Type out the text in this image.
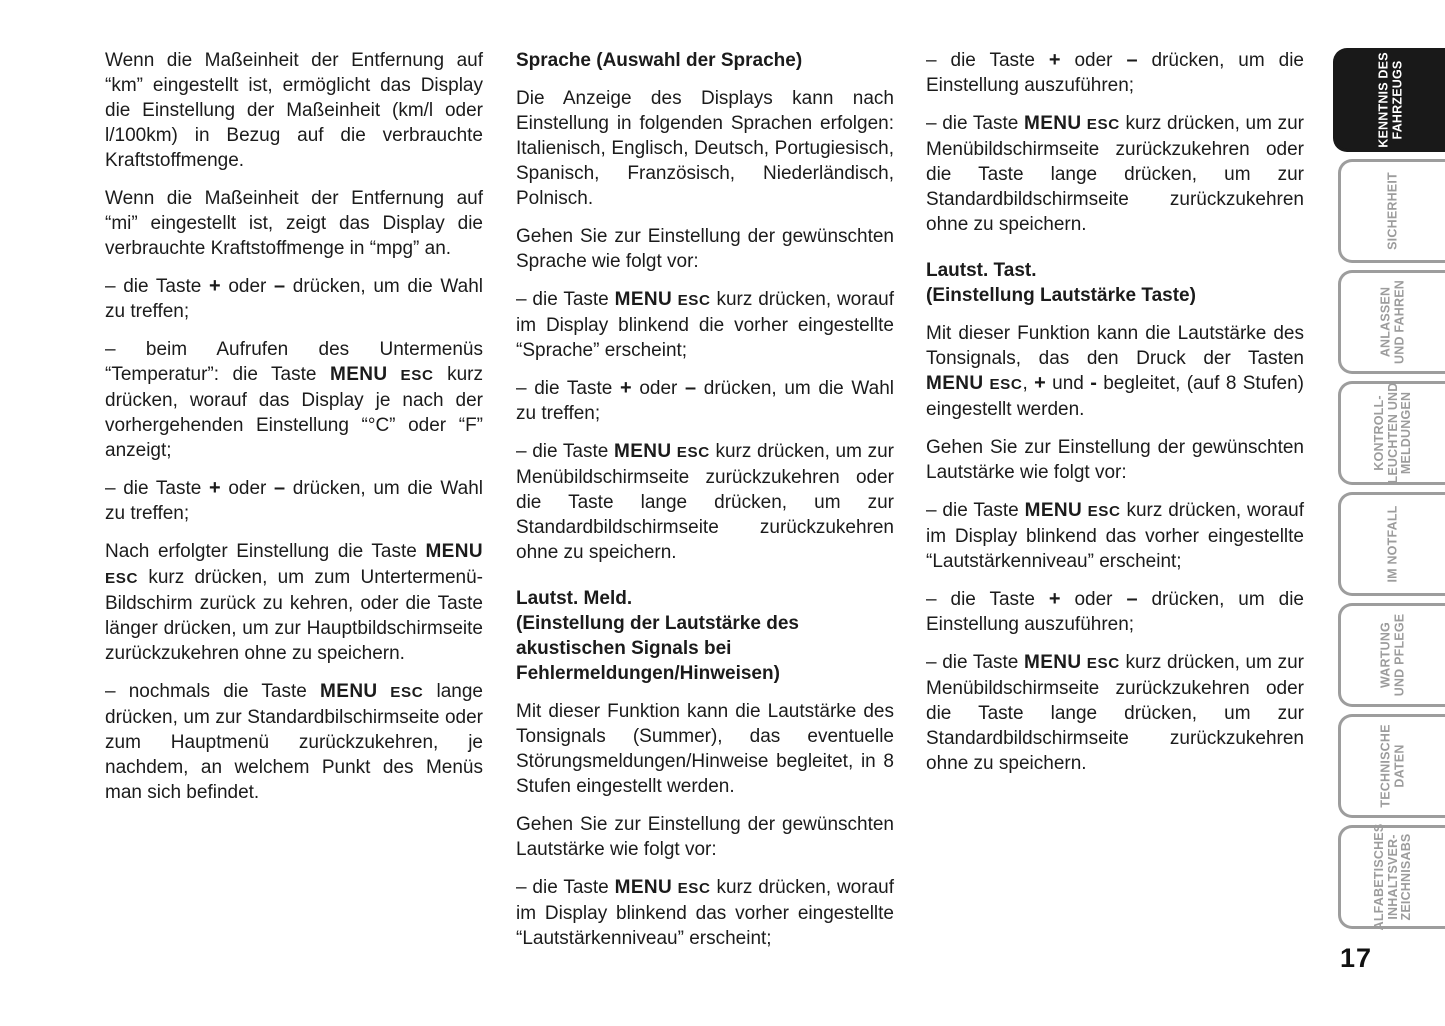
Wenn die Maßeinheit der Entfernung auf “km” eingestellt ist, ermöglicht das Display die Einstellung der Maßeinheit (km/l oder l/100km) in Bezug auf die verbrauchte Kraftstoffmenge.

Wenn die Maßeinheit der Entfernung auf “mi” eingestellt ist, zeigt das Display die verbrauchte Kraftstoffmenge in “mpg” an.

– die Taste + oder – drücken, um die Wahl zu treffen;

– beim Aufrufen des Untermenüs “Temperatur”: die Taste MENU ESC kurz drücken, worauf das Display je nach der vorhergehenden Einstellung “°C” oder “F” anzeigt;

– die Taste + oder – drücken, um die Wahl zu treffen;

Nach erfolgter Einstellung die Taste MENU ESC kurz drücken, um zum Untertermenü-Bildschirm zurück zu kehren, oder die Taste länger drücken, um zur Hauptbildschirmseite zurückzukehren ohne zu speichern.

– nochmals die Taste MENU ESC lange drücken, um zur Standardbilschirmseite oder zum Hauptmenü zurückzukehren, je nachdem, an welchem Punkt des Menüs man sich befindet.

Sprache (Auswahl der Sprache)

Die Anzeige des Displays kann nach Einstellung in folgenden Sprachen erfolgen: Italienisch, Englisch, Deutsch, Portugiesisch, Spanisch, Französisch, Niederländisch, Polnisch.

Gehen Sie zur Einstellung der gewünschten Sprache wie folgt vor:

– die Taste MENU ESC kurz drücken, worauf im Display blinkend die vorher eingestellte “Sprache” erscheint;

– die Taste + oder – drücken, um die Wahl zu treffen;

– die Taste MENU ESC kurz drücken, um zur Menübildschirmseite zurückzukehren oder die Taste lange drücken, um zur Standardbildschirmseite zurückzukehren ohne zu speichern.

Lautst. Meld.
(Einstellung der Lautstärke des akustischen Signals bei Fehlermeldungen/Hinweisen)

Mit dieser Funktion kann die Lautstärke des Tonsignals (Summer), das eventuelle Störungsmeldungen/Hinweise begleitet, in 8 Stufen eingestellt werden.

Gehen Sie zur Einstellung der gewünschten Lautstärke wie folgt vor:

– die Taste MENU ESC kurz drücken, worauf im Display blinkend das vorher eingestellte “Lautstärkenniveau” erscheint;

– die Taste + oder – drücken, um die Einstellung auszuführen;

– die Taste MENU ESC kurz drücken, um zur Menübildschirmseite zurückzukehren oder die Taste lange drücken, um zur Standardbildschirmseite zurückzukehren ohne zu speichern.

Lautst. Tast.
(Einstellung Lautstärke Taste)

Mit dieser Funktion kann die Lautstärke des Tonsignals, das den Druck der Tasten MENU ESC, + und - begleitet, (auf 8 Stufen) eingestellt werden.

Gehen Sie zur Einstellung der gewünschten Lautstärke wie folgt vor:

– die Taste MENU ESC kurz drücken, worauf im Display blinkend das vorher eingestellte “Lautstärkenniveau” erscheint;

– die Taste + oder – drücken, um die Einstellung auszuführen;

– die Taste MENU ESC kurz drücken, um zur Menübildschirmseite zurückzukehren oder die Taste lange drücken, um zur Standardbildschirmseite zurückzukehren ohne zu speichern.

KENNTNIS DES FAHRZEUGS
SICHERHEIT
ANLASSEN UND FAHREN
KONTROLL- LEUCHTEN UND MELDUNGEN
IM NOTFALL
WARTUNG UND PFLEGE
TECHNISCHE DATEN
ALFABETISCHES INHALTSVER- ZEICHNISABS
17
